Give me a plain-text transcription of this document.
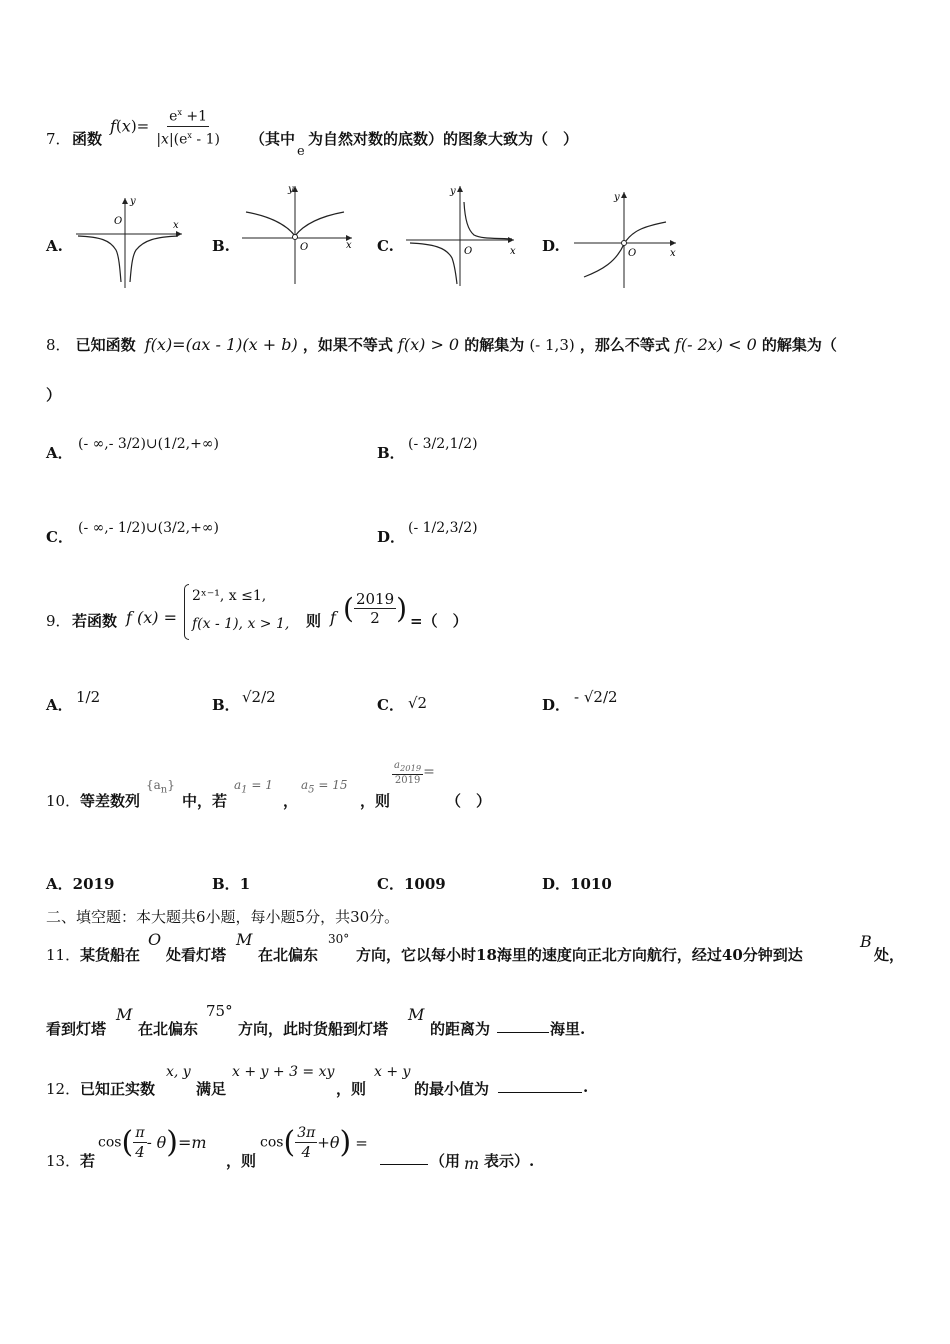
7． 函数
$f(x)= \frac{e^x +1}{|x|(e^x - 1)}$ （其中
e
为自然对数的底数）的图象大致为（　）
A.	B.	C.	D.
y
O	x
y
O	x
y
O	x
y
O	x
8． 已知函数 f(x)=(ax - 1)(x + b) ，如果不等式 f(x) > 0 的解集为 (- 1,3) ，那么不等式 f(- 2x) < 0 的解集为（
）
A． (- ∞,- 3/2)∪(1/2,+∞)	B． (- 3/2,1/2)
C． (- ∞,- 1/2)∪(3/2,+∞)	D． (- 1/2,3/2)
9． 若函数 f (x) =
2ˣ⁻¹, x ≤1,
f(x - 1), x > 1, 则 f ( $\frac{2019}{2}$ ) =（　）
A． 1/2	B． √2/2	C． √2	D． - √2/2
10． 等差数列
$\{a_n\}$
中，若
$a_1 = 1$
，
$a_5 = 15$
，则
$\frac{a_{2019}}{2019}$ =
（　）
A．2019	B．1	C．1009	D．1010
二、填空题：本大题共6小题，每小题5分，共30分。
11． 某货船在
O
处看灯塔
M
在北偏东
30°
方向，它以每小时18海里的速度向正北方向航行，经过40分钟到达
B
处，
看到灯塔
M
在北偏东
75°
方向，此时货船到灯塔
M
的距离为	海里.
12． 已知正实数
x, y
满足
x + y + 3 = xy
，则
x + y
的最小值为	.
13． 若
$\cos( \frac{\pi}{4} - \theta)=m$
，则
$\cos( \frac{3\pi}{4} +\theta)$ =
（用 m 表示）.
